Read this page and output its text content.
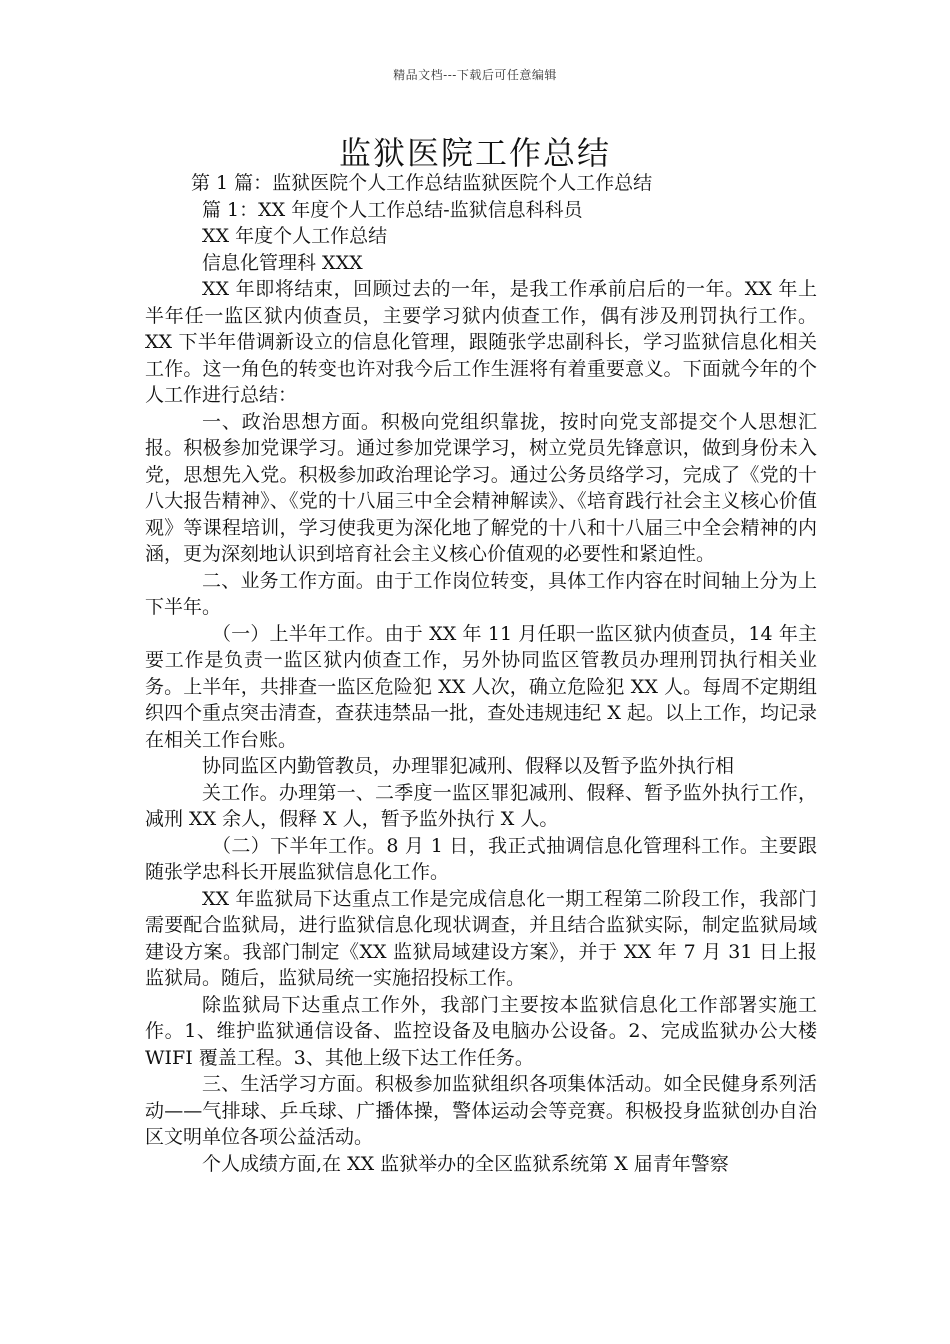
精品文档---下载后可任意编辑
监狱医院工作总结

第 1 篇：监狱医院个人工作总结监狱医院个人工作总结

篇 1：XX 年度个人工作总结-监狱信息科科员

XX 年度个人工作总结

信息化管理科 XXX

XX 年即将结束，回顾过去的一年，是我工作承前启后的一年。XX 年上半年任一监区狱内侦查员，主要学习狱内侦查工作，偶有涉及刑罚执行工作。XX 下半年借调新设立的信息化管理，跟随张学忠副科长，学习监狱信息化相关工作。这一角色的转变也许对我今后工作生涯将有着重要意义。下面就今年的个人工作进行总结：

一、政治思想方面。积极向党组织靠拢，按时向党支部提交个人思想汇报。积极参加党课学习。通过参加党课学习，树立党员先锋意识，做到身份未入党，思想先入党。积极参加政治理论学习。通过公务员络学习，完成了《党的十八大报告精神》、《党的十八届三中全会精神解读》、《培育践行社会主义核心价值观》等课程培训，学习使我更为深化地了解党的十八和十八届三中全会精神的内涵，更为深刻地认识到培育社会主义核心价值观的必要性和紧迫性。

二、业务工作方面。由于工作岗位转变，具体工作内容在时间轴上分为上下半年。

（一）上半年工作。由于 XX 年 11 月任职一监区狱内侦查员，14 年主要工作是负责一监区狱内侦查工作，另外协同监区管教员办理刑罚执行相关业务。上半年，共排查一监区危险犯 XX 人次，确立危险犯 XX 人。每周不定期组织四个重点突击清查，查获违禁品一批，查处违规违纪 X 起。以上工作，均记录在相关工作台账。

协同监区内勤管教员，办理罪犯减刑、假释以及暂予监外执行相

关工作。办理第一、二季度一监区罪犯减刑、假释、暂予监外执行工作，减刑 XX 余人，假释 X 人，暂予监外执行 X 人。

（二）下半年工作。8 月 1 日，我正式抽调信息化管理科工作。主要跟随张学忠科长开展监狱信息化工作。

XX 年监狱局下达重点工作是完成信息化一期工程第二阶段工作，我部门需要配合监狱局，进行监狱信息化现状调查，并且结合监狱实际，制定监狱局域建设方案。我部门制定《XX 监狱局域建设方案》，并于 XX 年 7 月 31 日上报监狱局。随后，监狱局统一实施招投标工作。

除监狱局下达重点工作外，我部门主要按本监狱信息化工作部署实施工作。1、维护监狱通信设备、监控设备及电脑办公设备。2、完成监狱办公大楼 WIFI 覆盖工程。3、其他上级下达工作任务。

三、生活学习方面。积极参加监狱组织各项集体活动。如全民健身系列活动——气排球、乒乓球、广播体操，警体运动会等竞赛。积极投身监狱创办自治区文明单位各项公益活动。

个人成绩方面,在 XX 监狱举办的全区监狱系统第 X 届青年警察
